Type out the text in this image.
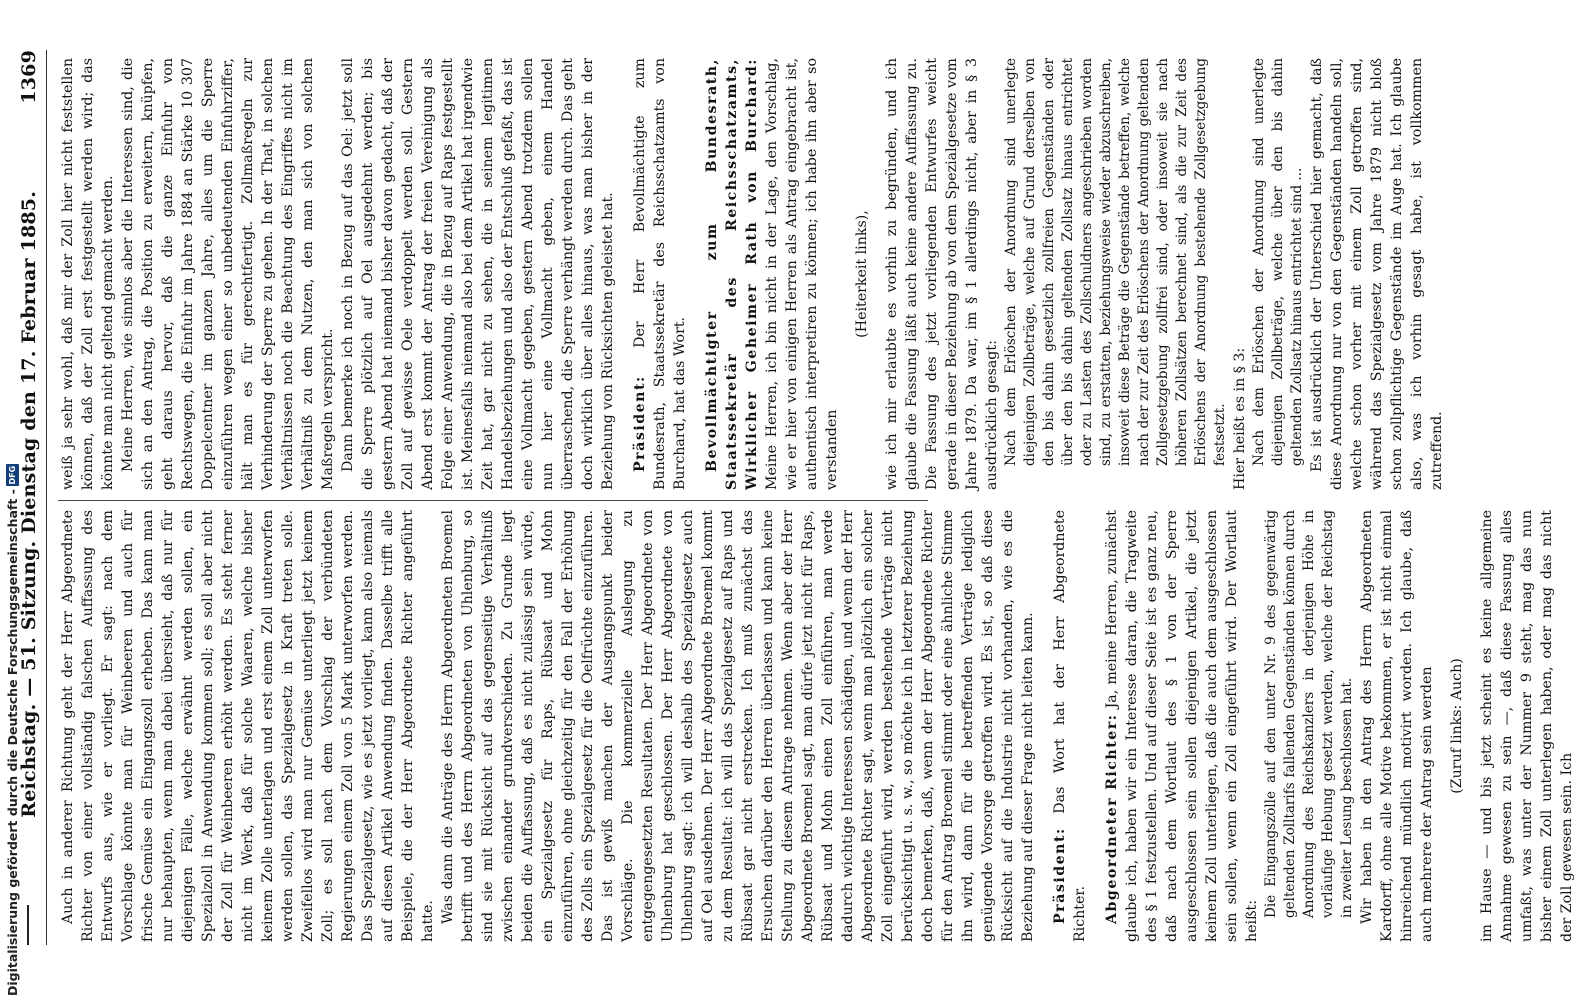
Digitalisierung gefördert durch die Deutsche Forschungsgemeinschaft -
DFG Reichstag. — 51. Sitzung. Dienstag den 17. Februar 1885.
1369

Auch in anderer Richtung geht der Herr Abgeordnete Richter von einer vollständig falschen Auffassung des Entwurfs aus, wie er vorliegt. Er sagt: nach dem Vorschlage könnte man für Weinbeeren und auch für frische Gemüse ein Eingangszoll erheben. Das kann man nur behaupten, wenn man dabei übersieht, daß nur für diejenigen Fälle, welche erwähnt werden sollen, ein Spezialzoll in Anwendung kommen soll; es soll aber nicht der Zoll für Weinbeeren erhöht werden. Es steht ferner nicht im Werk, daß für solche Waaren, welche bisher keinem Zolle unterlagen und erst einem Zoll unterworfen werden sollen, das Spezialgesetz in Kraft treten solle. Zweifellos wird man nur Gemüse unterliegt jetzt keinem Zoll; es soll nach dem Vorschlag der verbündeten Regierungen einem Zoll von 5 Mark unterworfen werden. Das Spezialgesetz, wie es jetzt vorliegt, kann also niemals auf diesen Artikel Anwendung finden. Dasselbe trifft alle Beispiele, die der Herr Abgeordnete Richter angeführt hatte. Was dann die Anträge des Herrn Abgeordneten Broemel betrifft und des Herrn Abgeordneten von Uhlenburg, so sind sie mit Rücksicht auf das gegenseitige Verhältniß zwischen einander grundverschieden. Zu Grunde liegt beiden die Auffassung, daß es nicht zulässig sein würde, ein Spezialgesetz für Raps, Rübsaat und Mohn einzuführen, ohne gleichzeitig für den Fall der Erhöhung des Zolls ein Spezialgesetz für die Oelfrüchte einzuführen. Das ist gewiß machen der Ausgangspunkt beider Vorschläge. Die kommerzielle Auslegung zu entgegengesetzten Resultaten. Der Herr Abgeordnete von Uhlenburg hat geschlossen. Der Herr Abgeordnete von Uhlenburg sagt: ich will deshalb des Spezialgesetz auch auf Oel ausdehnen. Der Herr Abgeordnete Broemel kommt zu dem Resultat: ich will das Spezialgesetz auf Raps und Rübsaat gar nicht erstrecken. Ich muß zunächst das Ersuchen darüber den Herren überlassen und kann keine Stellung zu diesem Antrage nehmen. Wenn aber der Herr Abgeordnete Broemel sagt, man dürfe jetzt nicht für Raps, Rübsaat und Mohn einen Zoll einführen, man werde dadurch wichtige Interessen schädigen, und wenn der Herr Abgeordnete Richter sagt, wenn man plötzlich ein solcher Zoll eingeführt wird, werden bestehende Verträge nicht berücksichtigt u. s. w., so möchte ich in letzterer Beziehung doch bemerken, daß, wenn der Herr Abgeordnete Richter für den Antrag Broemel stimmt oder eine ähnliche Stimme ihn wird, dann für die betreffenden Verträge lediglich genügende Vorsorge getroffen wird. Es ist, so daß diese Rücksicht auf die Industrie nicht vorhanden, wie es die Beziehung auf dieser Frage nicht leiten kann. Präsident: Das Wort hat der Herr Abgeordnete Richter. Abgeordneter Richter: Ja, meine Herren, zunächst glaube ich, haben wir ein Interesse daran, die Tragweite des § 1 festzustellen. Und auf dieser Seite ist es ganz neu, daß nach dem Wortlaut des § 1 von der Sperre ausgeschlossen sein sollen diejenigen Artikel, die jetzt keinem Zoll unterliegen, daß die auch dem ausgeschlossen sein sollen, wenn ein Zoll eingeführt wird. Der Wortlaut heißt:

Die Eingangszölle auf den unter Nr. 9 des gegenwärtig geltenden Zolltarifs fallenden Gegenständen können durch Anordnung des Reichskanzlers in derjenigen Höhe in vorläufige Hebung gesetzt werden, welche der Reichstag in zweiter Lesung beschlossen hat. Wir haben in den Antrag des Herrn Abgeordneten Kardorff, ohne alle Motive bekommen, er ist nicht einmal hinreichend mündlich motivirt worden. Ich glaube, daß auch mehrere der Antrag sein werden (Zuruf links: Auch) im Hause — und bis jetzt scheint es keine allgemeine Annahme gewesen zu sein —, daß diese Fassung alles umfaßt, was unter der Nummer 9 steht, mag das nun bisher einem Zoll unterlegen haben, oder mag das nicht der Zoll gewesen sein. Ich

weiß ja sehr wohl, daß mir der Zoll hier nicht feststellen können, daß der Zoll erst festgestellt werden wird; das könnte man nicht geltend gemacht werden. Meine Herren, wie sinnlos aber die Interessen sind, die sich an den Antrag, die Position zu erweitern, knüpfen, geht daraus hervor, daß die ganze Einfuhr von Rechtswegen, die Einfuhr im Jahre 1884 an Stärke 10 307 Doppelcentner im ganzen Jahre, alles um die Sperre einzuführen wegen einer so unbedeutenden Einfuhrziffer, hält man es für gerechtfertigt. Zollmaßregeln zur Verhinderung der Sperre zu gehen. In der That, in solchen Verhältnissen noch die Beachtung des Eingriffes nicht im Verhältniß zu dem Nutzen, den man sich von solchen Maßregeln verspricht. Dann bemerke ich noch in Bezug auf das Oel: jetzt soll die Sperre plötzlich auf Oel ausgedehnt werden; bis gestern Abend hat niemand bisher davon gedacht, daß der Zoll auf gewisse Oele verdoppelt werden soll. Gestern Abend erst kommt der Antrag der freien Vereinigung als Folge einer Anwendung, die in Bezug auf Raps festgestellt ist. Meinesfalls niemand also bei dem Artikel hat irgendwie Zeit hat, gar nicht zu sehen, die in seinem legitimen Handelsbeziehungen und also der Entschluß gefaßt, das ist eine Vollmacht gegeben, gestern Abend trotzdem sollen nun hier eine Vollmacht geben, einem Handel überraschend, die Sperre verhängt werden durch. Das geht doch wirklich über alles hinaus, was man bisher in der Beziehung von Rücksichten geleistet hat. Präsident: Der Herr Bevollmächtigte zum Bundesrath, Staatssekretär des Reichsschatzamts von Burchard, hat das Wort. Bevollmächtigter zum Bundesrath, Staatssekretär des Reichsschatzamts, Wirklicher Geheimer Rath von Burchard: Meine Herren, ich bin nicht in der Lage, den Vorschlag, wie er hier von einigen Herren als Antrag eingebracht ist, authentisch interpretiren zu können; ich habe ihn aber so verstanden

(Heiterkeit links), wie ich mir erlaubte es vorhin zu begründen, und ich glaube die Fassung läßt auch keine andere Auffassung zu. Die Fassung des jetzt vorliegenden Entwurfes weicht gerade in dieser Beziehung ab von dem Spezialgesetze vom Jahre 1879. Da war, im § 1 allerdings nicht, aber in § 3 ausdrücklich gesagt: Nach dem Erlöschen der Anordnung sind unerlegte diejenigen Zollbeträge, welche auf Grund derselben von den bis dahin gesetzlich zollfreien Gegenständen oder über den bis dahin geltenden Zollsatz hinaus entrichtet oder zu Lasten des Zollschuldners angeschrieben worden sind, zu erstatten, beziehungsweise wieder abzuschreiben, insoweit diese Beträge die Gegenstände betreffen, welche nach der zur Zeit des Erlöschens der Anordnung geltenden Zollgesetzgebung zollfrei sind, oder insoweit sie nach höheren Zollsätzen berechnet sind, als die zur Zeit des Erlöschens der Anordnung bestehende Zollgesetzgebung festsetzt. Hier heißt es in § 3: Nach dem Erlöschen der Anordnung sind unerlegte diejenigen Zollbeträge, welche über den bis dahin geltenden Zollsatz hinaus entrichtet sind ... Es ist ausdrücklich der Unterschied hier gemacht, daß diese Anordnung nur von den Gegenständen handeln soll, welche schon vorher mit einem Zoll getroffen sind, während das Spezialgesetz vom Jahre 1879 nicht bloß schon zollpflichtige Gegenstände im Auge hat. Ich glaube also, was ich vorhin gesagt habe, ist vollkommen zutreffend.
